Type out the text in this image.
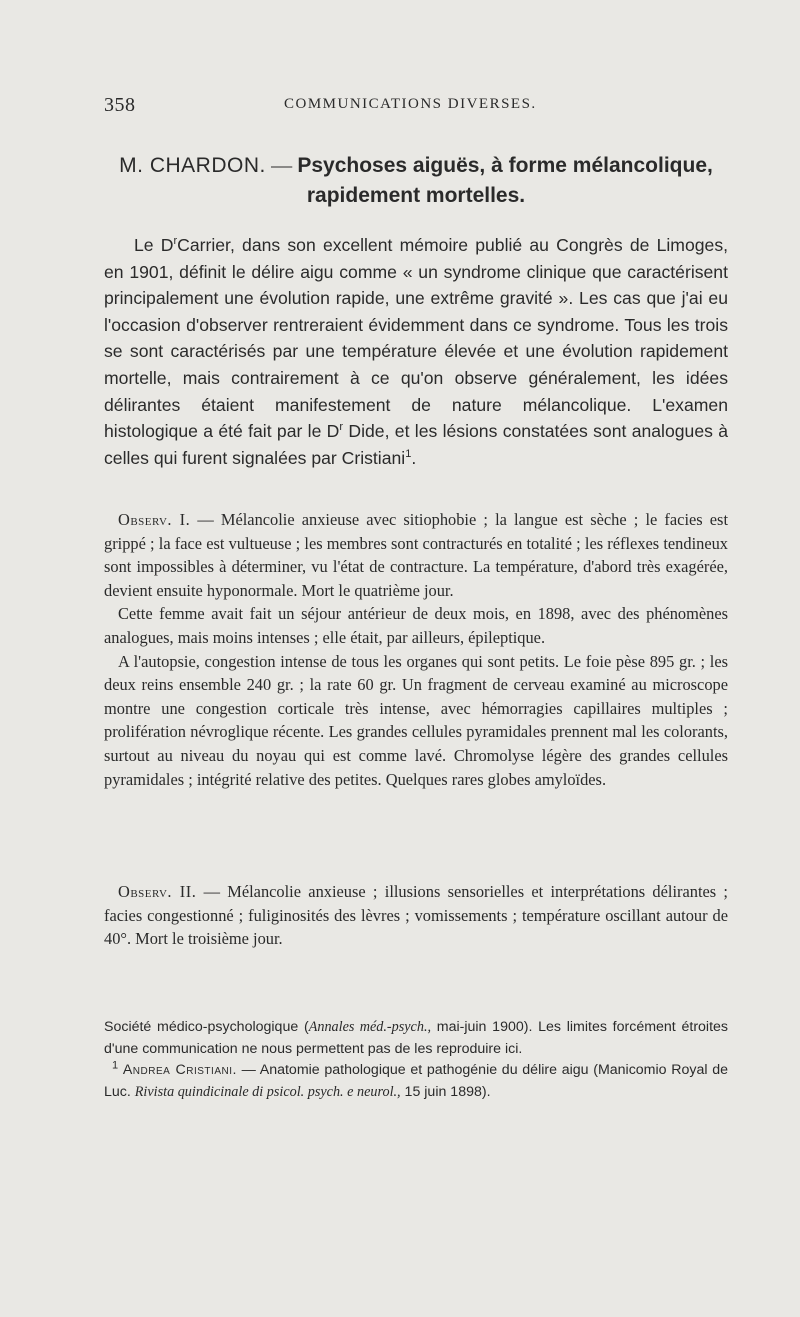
358	COMMUNICATIONS DIVERSES.
M. CHARDON. — Psychoses aiguës, à forme mélancolique,
rapidement mortelles.

Le $D^rCarrier$, dans son excellent mémoire publié au Congrès de Limoges, en 1901, définit le délire aigu comme « un syndrome clinique que caractérisent principalement une évolution rapide, une extrême gravité ». Les cas que j'ai eu l'occasion d'observer rentreraient évidemment dans ce syndrome. Tous les trois se sont caractérisés par une température élevée et une évolution rapidement mortelle, mais contrairement à ce qu'on observe généralement, les idées délirantes étaient manifestement de nature mélancolique. L'examen histologique a été fait par le $D^r$ Dide, et les lésions constatées sont analogues à celles qui furent signalées par Cristiani$^1$.

Observ. I. — Mélancolie anxieuse avec sitiophobie ; la langue est sèche ; le facies est grippé ; la face est vultueuse ; les membres sont contracturés en totalité ; les réflexes tendineux sont impossibles à déterminer, vu l'état de contracture. La température, d'abord très exagérée, devient ensuite hyponormale. Mort le quatrième jour.

Cette femme avait fait un séjour antérieur de deux mois, en 1898, avec des phénomènes analogues, mais moins intenses ; elle était, par ailleurs, épileptique.

A l'autopsie, congestion intense de tous les organes qui sont petits. Le foie pèse 895 gr. ; les deux reins ensemble 240 gr. ; la rate 60 gr. Un fragment de cerveau examiné au microscope montre une congestion corticale très intense, avec hémorragies capillaires multiples ; prolifération névroglique récente. Les grandes cellules pyramidales prennent mal les colorants, surtout au niveau du noyau qui est comme lavé. Chromolyse légère des grandes cellules pyramidales ; intégrité relative des petites. Quelques rares globes amyloïdes.

Observ. II. — Mélancolie anxieuse ; illusions sensorielles et interprétations délirantes ; facies congestionné ; fuliginosités des lèvres ; vomissements ; température oscillant autour de 40°. Mort le troisième jour.

Société médico-psychologique (Annales méd.-psych., mai-juin 1900). Les limites forcément étroites d'une communication ne nous permettent pas de les reproduire ici.

$^1$ Andrea Cristiani. — Anatomie pathologique et pathogénie du délire aigu (Manicomio Royal de Luc. Rivista quindicinale di psicol. psych. e neurol., 15 juin 1898).
